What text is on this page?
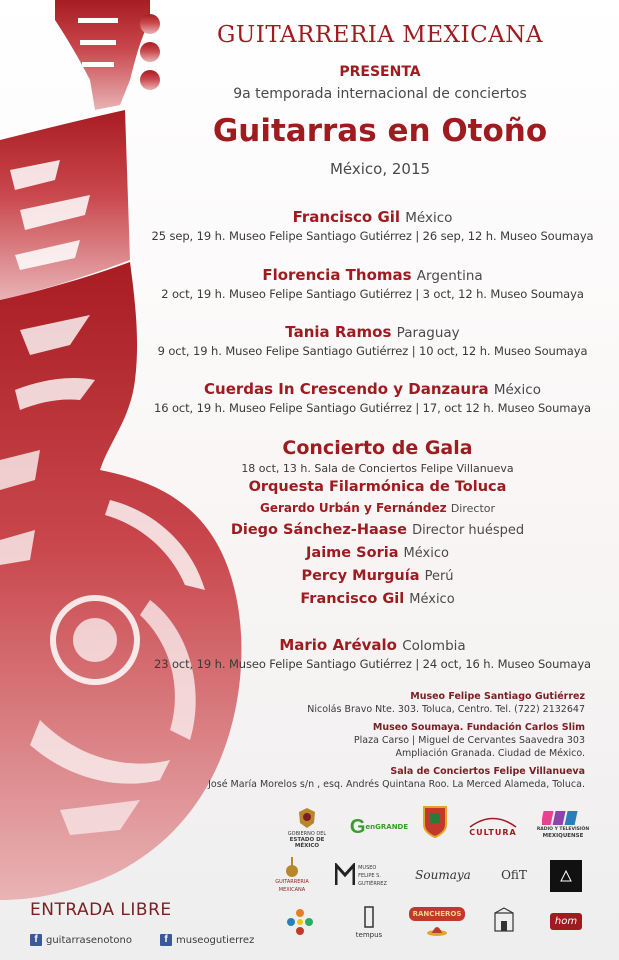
GUITARRERIA MEXICANA
PRESENTA
9a temporada internacional de conciertos
Guitarras en Otoño
México, 2015
Francisco Gil México
25 sep, 19 h. Museo Felipe Santiago Gutiérrez | 26 sep, 12 h. Museo Soumaya
Florencia Thomas Argentina
2 oct, 19 h. Museo Felipe Santiago Gutiérrez | 3 oct, 12 h. Museo Soumaya
Tania Ramos Paraguay
9 oct, 19 h. Museo Felipe Santiago Gutiérrez | 10 oct, 12 h. Museo Soumaya
Cuerdas In Crescendo y Danzaura México
16 oct, 19 h. Museo Felipe Santiago Gutiérrez | 17, oct 12 h. Museo Soumaya
Concierto de Gala
18 oct, 13 h. Sala de Conciertos Felipe Villanueva
Orquesta Filarmónica de Toluca
Gerardo Urbán y Fernández Director
Diego Sánchez-Haase Director huésped
Jaime Soria México
Percy Murguía Perú
Francisco Gil México
Mario Arévalo Colombia
23 oct, 19 h. Museo Felipe Santiago Gutiérrez | 24 oct, 16 h. Museo Soumaya
Museo Felipe Santiago Gutiérrez
Nicolás Bravo Nte. 303. Toluca, Centro. Tel. (722) 2132647
Museo Soumaya. Fundación Carlos Slim
Plaza Carso | Miguel de Cervantes Saavedra 303
Ampliación Granada. Ciudad de México.
Sala de Conciertos Felipe Villanueva
José María Morelos s/n , esq. Andrés Quintana Roo. La Merced Alameda, Toluca.
GOBIERNO DEL
ESTADO DE MÉXICO
G enGRANDE
CULTURA	RADIO Y TELEVISIÓN
MEXIQUENSE
GUITARRERIA
MEXICANA
MUSEO
FELIPE S.
GUTIÉRREZ
Soumaya	OfiT
tempus
RANCHEROS
hom
ENTRADA LIBRE
f guitarrasenotono	f museogutierrez
